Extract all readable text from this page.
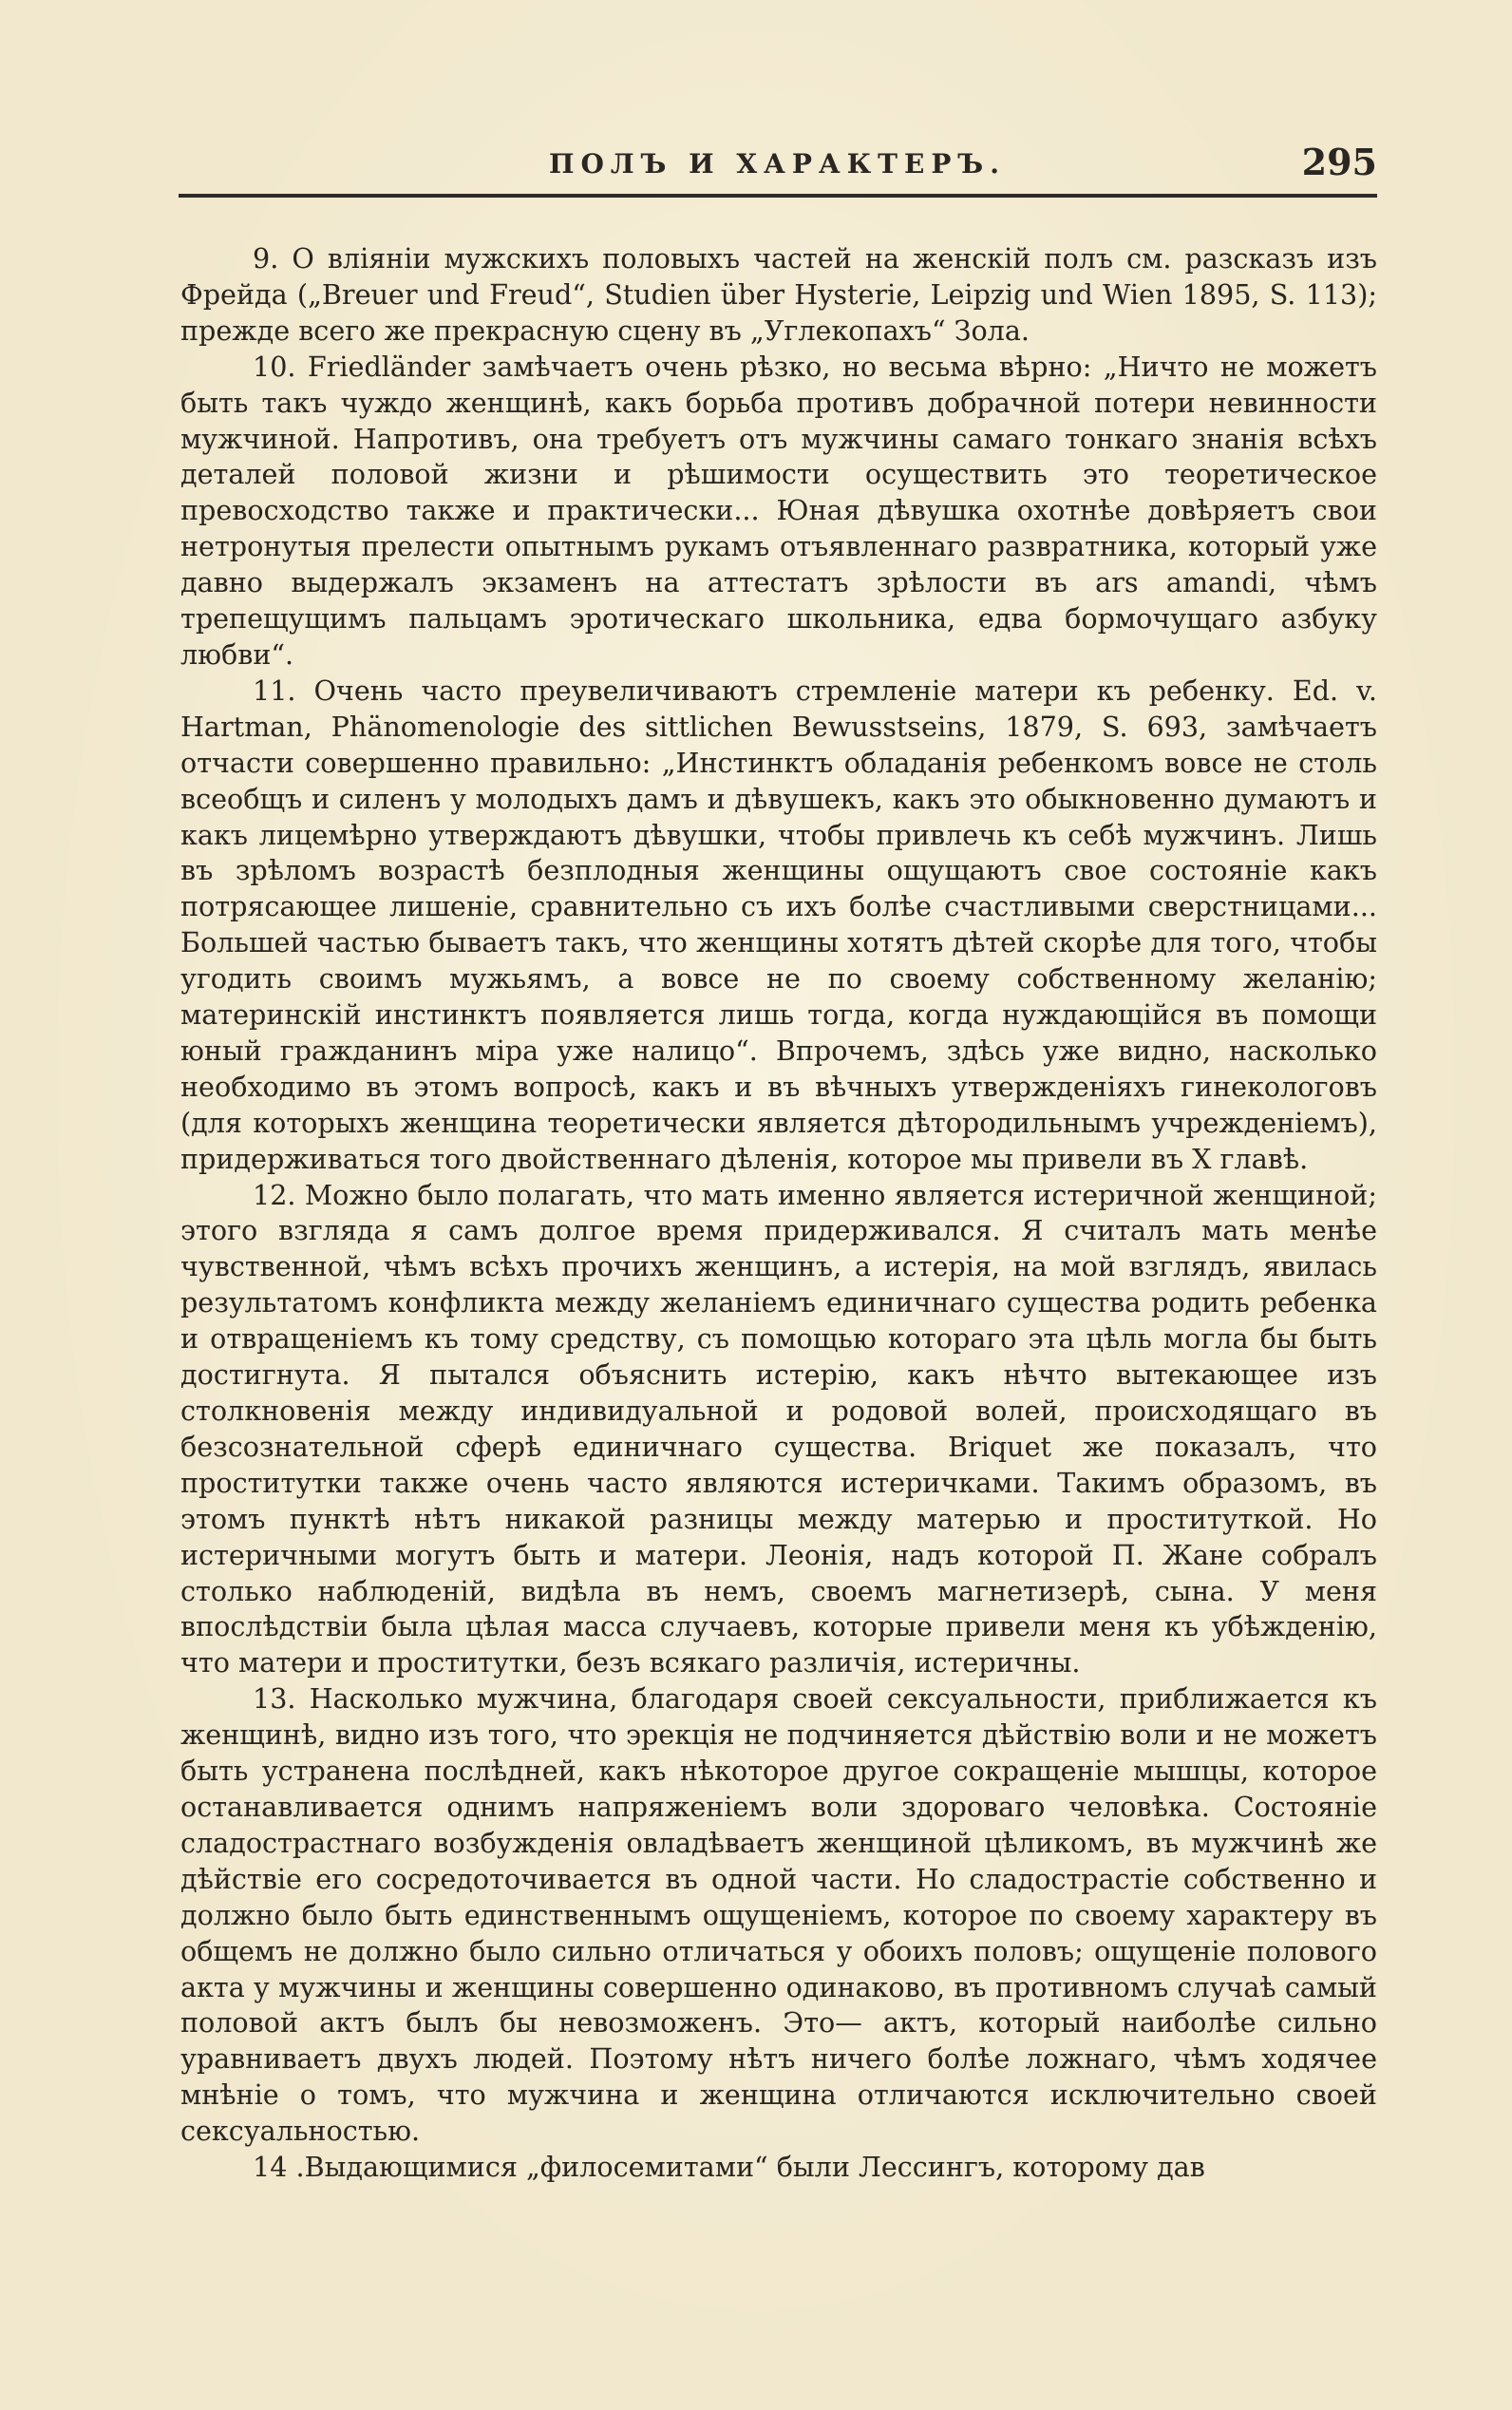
ПОЛЪ И ХАРАКТЕРЪ.	295

9. О вліяніи мужскихъ половыхъ частей на женскій полъ см. разсказъ изъ Фрейда („Breuer und Freud“, Studien über Hysterie, Leipzig und Wien 1895, S. 113); прежде всего же прекрасную сцену въ „Углекопахъ“ Зола.

10. Friedländer замѣчаетъ очень рѣзко, но весьма вѣрно: „Ничто не можетъ быть такъ чуждо женщинѣ, какъ борьба противъ добрачной потери невинности мужчиной. Напротивъ, она требуетъ отъ мужчины самаго тонкаго знанія всѣхъ деталей половой жизни и рѣшимости осуществить это теоретическое превосходство также и практически... Юная дѣвушка охотнѣе довѣряетъ свои нетронутыя прелести опытнымъ рукамъ отъявленнаго развратника, который уже давно выдержалъ экзаменъ на аттестатъ зрѣлости въ ars amandi, чѣмъ трепещущимъ пальцамъ эротическаго школьника, едва бормочущаго азбуку любви“.

11. Очень часто преувеличиваютъ стремленіе матери къ ребенку. Ed. v. Hartman, Phänomenologie des sittlichen Bewusstseins, 1879, S. 693, замѣчаетъ отчасти совершенно правильно: „Инстинктъ обладанія ребенкомъ вовсе не столь всеобщъ и силенъ у молодыхъ дамъ и дѣвушекъ, какъ это обыкновенно думаютъ и какъ лицемѣрно утверждаютъ дѣвушки, чтобы привлечь къ себѣ мужчинъ. Лишь въ зрѣломъ возрастѣ безплодныя женщины ощущаютъ свое состояніе какъ потрясающее лишеніе, сравнительно съ ихъ болѣе счастливыми сверстницами... Большей частью бываетъ такъ, что женщины хотятъ дѣтей скорѣе для того, чтобы угодить своимъ мужьямъ, а вовсе не по своему собственному желанію; материнскій инстинктъ появляется лишь тогда, когда нуждающійся въ помощи юный гражданинъ міра уже налицо“. Впрочемъ, здѣсь уже видно, насколько необходимо въ этомъ вопросѣ, какъ и въ вѣчныхъ утвержденіяхъ гинекологовъ (для которыхъ женщина теоретически является дѣтородильнымъ учрежденіемъ), придерживаться того двойственнаго дѣленія, которое мы привели въ X главѣ.

12. Можно было полагать, что мать именно является истеричной женщиной; этого взгляда я самъ долгое время придерживался. Я считалъ мать менѣе чувственной, чѣмъ всѣхъ прочихъ женщинъ, а истерія, на мой взглядъ, явилась результатомъ конфликта между желаніемъ единичнаго существа родить ребенка и отвращеніемъ къ тому средству, съ помощью котораго эта цѣль могла бы быть достигнута. Я пытался объяснить истерію, какъ нѣчто вытекающее изъ столкновенія между индивидуальной и родовой волей, происходящаго въ безсознательной сферѣ единичнаго существа. Briquet же показалъ, что проститутки также очень часто являются истеричками. Такимъ образомъ, въ этомъ пунктѣ нѣтъ никакой разницы между матерью и проституткой. Но истеричными могутъ быть и матери. Леонія, надъ которой П. Жане собралъ столько наблюденій, видѣла въ немъ, своемъ магнетизерѣ, сына. У меня впослѣдствіи была цѣлая масса случаевъ, которые привели меня къ убѣжденію, что матери и проститутки, безъ всякаго различія, истеричны.

13. Насколько мужчина, благодаря своей сексуальности, приближается къ женщинѣ, видно изъ того, что эрекція не подчиняется дѣйствію воли и не можетъ быть устранена послѣдней, какъ нѣкоторое другое сокращеніе мышцы, которое останавливается однимъ напряженіемъ воли здороваго человѣка. Состояніе сладострастнаго возбужденія овладѣваетъ женщиной цѣликомъ, въ мужчинѣ же дѣйствіе его сосредоточивается въ одной части. Но сладострастіе собственно и должно было быть единственнымъ ощущеніемъ, которое по своему характеру въ общемъ не должно было сильно отличаться у обоихъ половъ; ощущеніе полового акта у мужчины и женщины совершенно одинаково, въ противномъ случаѣ самый половой актъ былъ бы невозможенъ. Это— актъ, который наиболѣе сильно уравниваетъ двухъ людей. Поэтому нѣтъ ничего болѣе ложнаго, чѣмъ ходячее мнѣніе о томъ, что мужчина и женщина отличаются исключительно своей сексуальностью.

14 .Выдающимися „филосемитами“ были Лессингъ, которому дав
